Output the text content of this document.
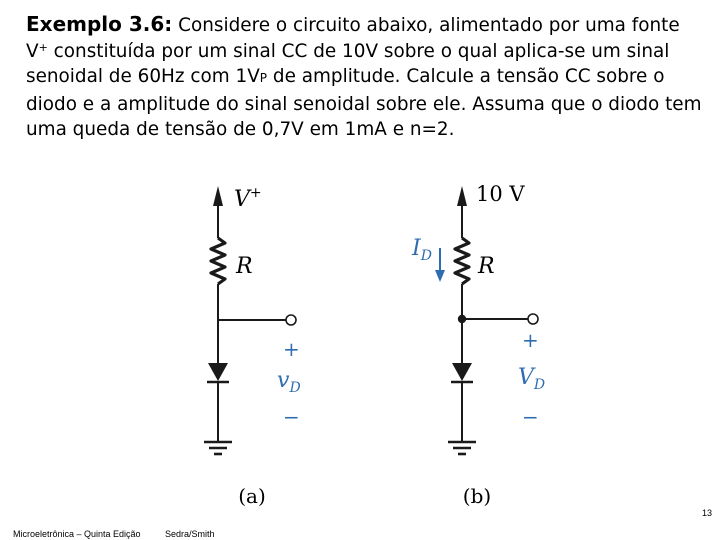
Exemplo 3.6: Considere o circuito abaixo, alimentado por uma fonte V+ constituída por um sinal CC de 10V sobre o qual aplica-se um sinal senoidal de 60Hz com 1VP de amplitude. Calcule a tensão CC sobre o diodo e a amplitude do sinal senoidal sobre ele. Assuma que o diodo tem uma queda de tensão de 0,7V em 1mA e n=2.

V+
R
+
$v_D$
−
(a)
10 V
$I_D$ R
+
$V_D$
−
(b)
13
Microeletrônica – Quinta Edição	Sedra/Smith
